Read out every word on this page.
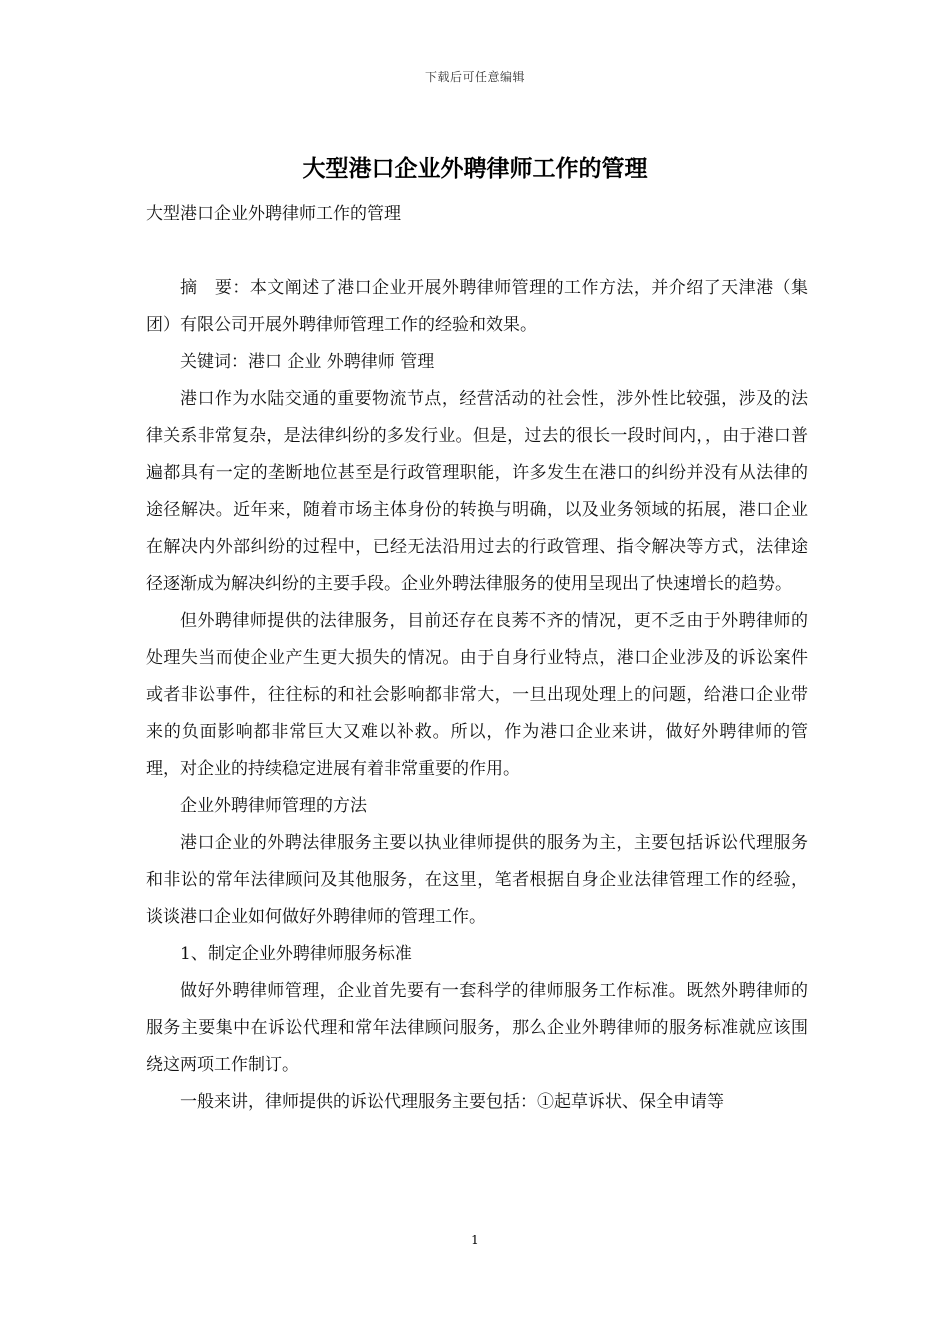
下载后可任意编辑
大型港口企业外聘律师工作的管理

大型港口企业外聘律师工作的管理

摘　要：本文阐述了港口企业开展外聘律师管理的工作方法，并介绍了天津港（集团）有限公司开展外聘律师管理工作的经验和效果。

关键词：港口 企业 外聘律师 管理

港口作为水陆交通的重要物流节点，经营活动的社会性，涉外性比较强，涉及的法律关系非常复杂，是法律纠纷的多发行业。但是，过去的很长一段时间内，，由于港口普遍都具有一定的垄断地位甚至是行政管理职能，许多发生在港口的纠纷并没有从法律的途径解决。近年来，随着市场主体身份的转换与明确，以及业务领域的拓展，港口企业在解决内外部纠纷的过程中，已经无法沿用过去的行政管理、指令解决等方式，法律途径逐渐成为解决纠纷的主要手段。企业外聘法律服务的使用呈现出了快速增长的趋势。

但外聘律师提供的法律服务，目前还存在良莠不齐的情况，更不乏由于外聘律师的处理失当而使企业产生更大损失的情况。由于自身行业特点，港口企业涉及的诉讼案件或者非讼事件，往往标的和社会影响都非常大，一旦出现处理上的问题，给港口企业带来的负面影响都非常巨大又难以补救。所以，作为港口企业来讲，做好外聘律师的管理，对企业的持续稳定进展有着非常重要的作用。

企业外聘律师管理的方法

港口企业的外聘法律服务主要以执业律师提供的服务为主，主要包括诉讼代理服务和非讼的常年法律顾问及其他服务，在这里，笔者根据自身企业法律管理工作的经验，谈谈港口企业如何做好外聘律师的管理工作。

1、制定企业外聘律师服务标准

做好外聘律师管理，企业首先要有一套科学的律师服务工作标准。既然外聘律师的服务主要集中在诉讼代理和常年法律顾问服务，那么企业外聘律师的服务标准就应该围绕这两项工作制订。

一般来讲，律师提供的诉讼代理服务主要包括：①起草诉状、保全申请等

1
